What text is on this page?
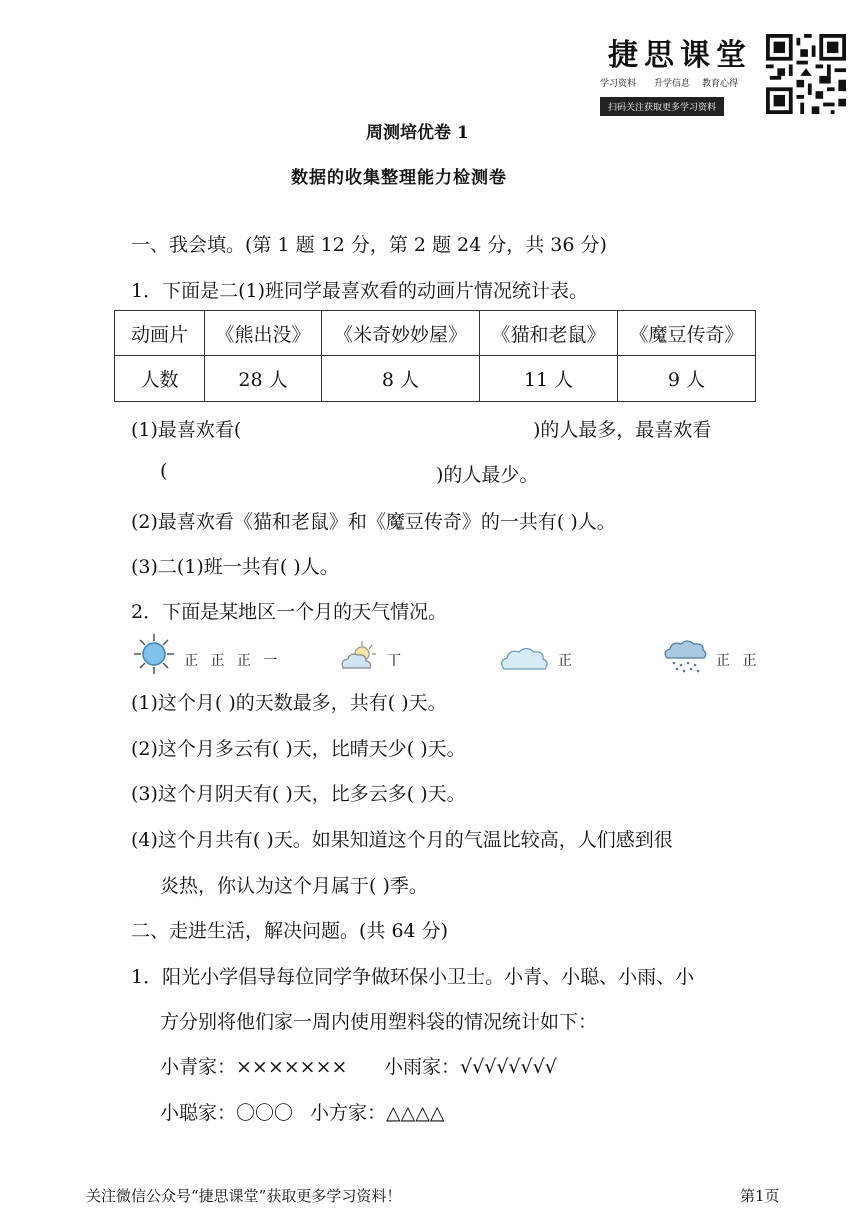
捷思课堂
学习资料 升学信息 教育心得
扫码关注获取更多学习资料
周测培优卷 1
数据的收集整理能力检测卷
一、我会填。(第 1 题 12 分，第 2 题 24 分，共 36 分)
1．下面是二(1)班同学最喜欢看的动画片情况统计表。
动画片	《熊出没》	《米奇妙妙屋》	《猫和老鼠》	《魔豆传奇》
人数	28 人	8 人	11 人	9 人
(1)最喜欢看(	)的人最多，最喜欢看
(	)的人最少。
(2)最喜欢看《猫和老鼠》和《魔豆传奇》的一共有( )人。
(3)二(1)班一共有( )人。
2．下面是某地区一个月的天气情况。
正 正 正 一	丅	正	正 正
(1)这个月( )的天数最多，共有( )天。
(2)这个月多云有( )天，比晴天少( )天。
(3)这个月阴天有( )天，比多云多( )天。
(4)这个月共有( )天。如果知道这个月的气温比较高，人们感到很
炎热，你认为这个月属于( )季。
二、走进生活，解决问题。(共 64 分)
1．阳光小学倡导每位同学争做环保小卫士。小青、小聪、小雨、小
方分别将他们家一周内使用塑料袋的情况统计如下：
小青家：××××××× 小雨家：√√√√√√√√
小聪家：〇〇〇 小方家：△△△△
关注微信公众号“捷思课堂”获取更多学习资料！	第1页
